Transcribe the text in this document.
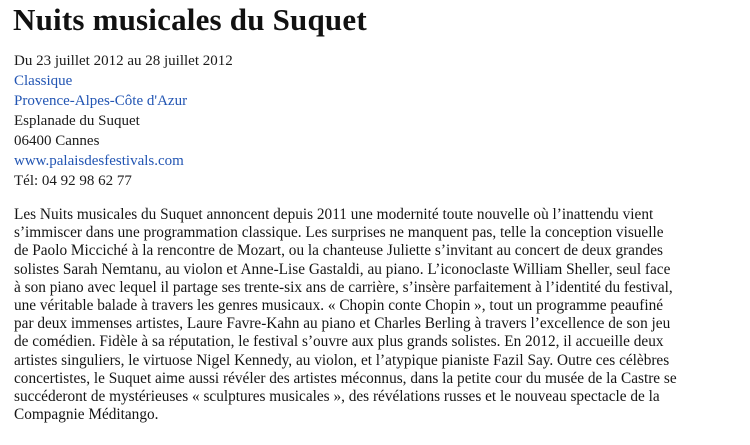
Nuits musicales du Suquet
Du 23 juillet 2012 au 28 juillet 2012
Classique
Provence-Alpes-Côte d'Azur
Esplanade du Suquet
06400 Cannes
www.palaisdesfestivals.com
Tél: 04 92 98 62 77

Les Nuits musicales du Suquet annoncent depuis 2011 une modernité toute nouvelle où l’inattendu vient
s’immiscer dans une programmation classique. Les surprises ne manquent pas, telle la conception visuelle
de Paolo Micciché à la rencontre de Mozart, ou la chanteuse Juliette s’invitant au concert de deux grandes
solistes Sarah Nemtanu, au violon et Anne-Lise Gastaldi, au piano. L’iconoclaste William Sheller, seul face
à son piano avec lequel il partage ses trente-six ans de carrière, s’insère parfaitement à l’identité du festival,
une véritable balade à travers les genres musicaux. « Chopin conte Chopin », tout un programme peaufiné
par deux immenses artistes, Laure Favre-Kahn au piano et Charles Berling à travers l’excellence de son jeu
de comédien. Fidèle à sa réputation, le festival s’ouvre aux plus grands solistes. En 2012, il accueille deux
artistes singuliers, le virtuose Nigel Kennedy, au violon, et l’atypique pianiste Fazil Say. Outre ces célèbres
concertistes, le Suquet aime aussi révéler des artistes méconnus, dans la petite cour du musée de la Castre se
succéderont de mystérieuses « sculptures musicales », des révélations russes et le nouveau spectacle de la
Compagnie Méditango.
